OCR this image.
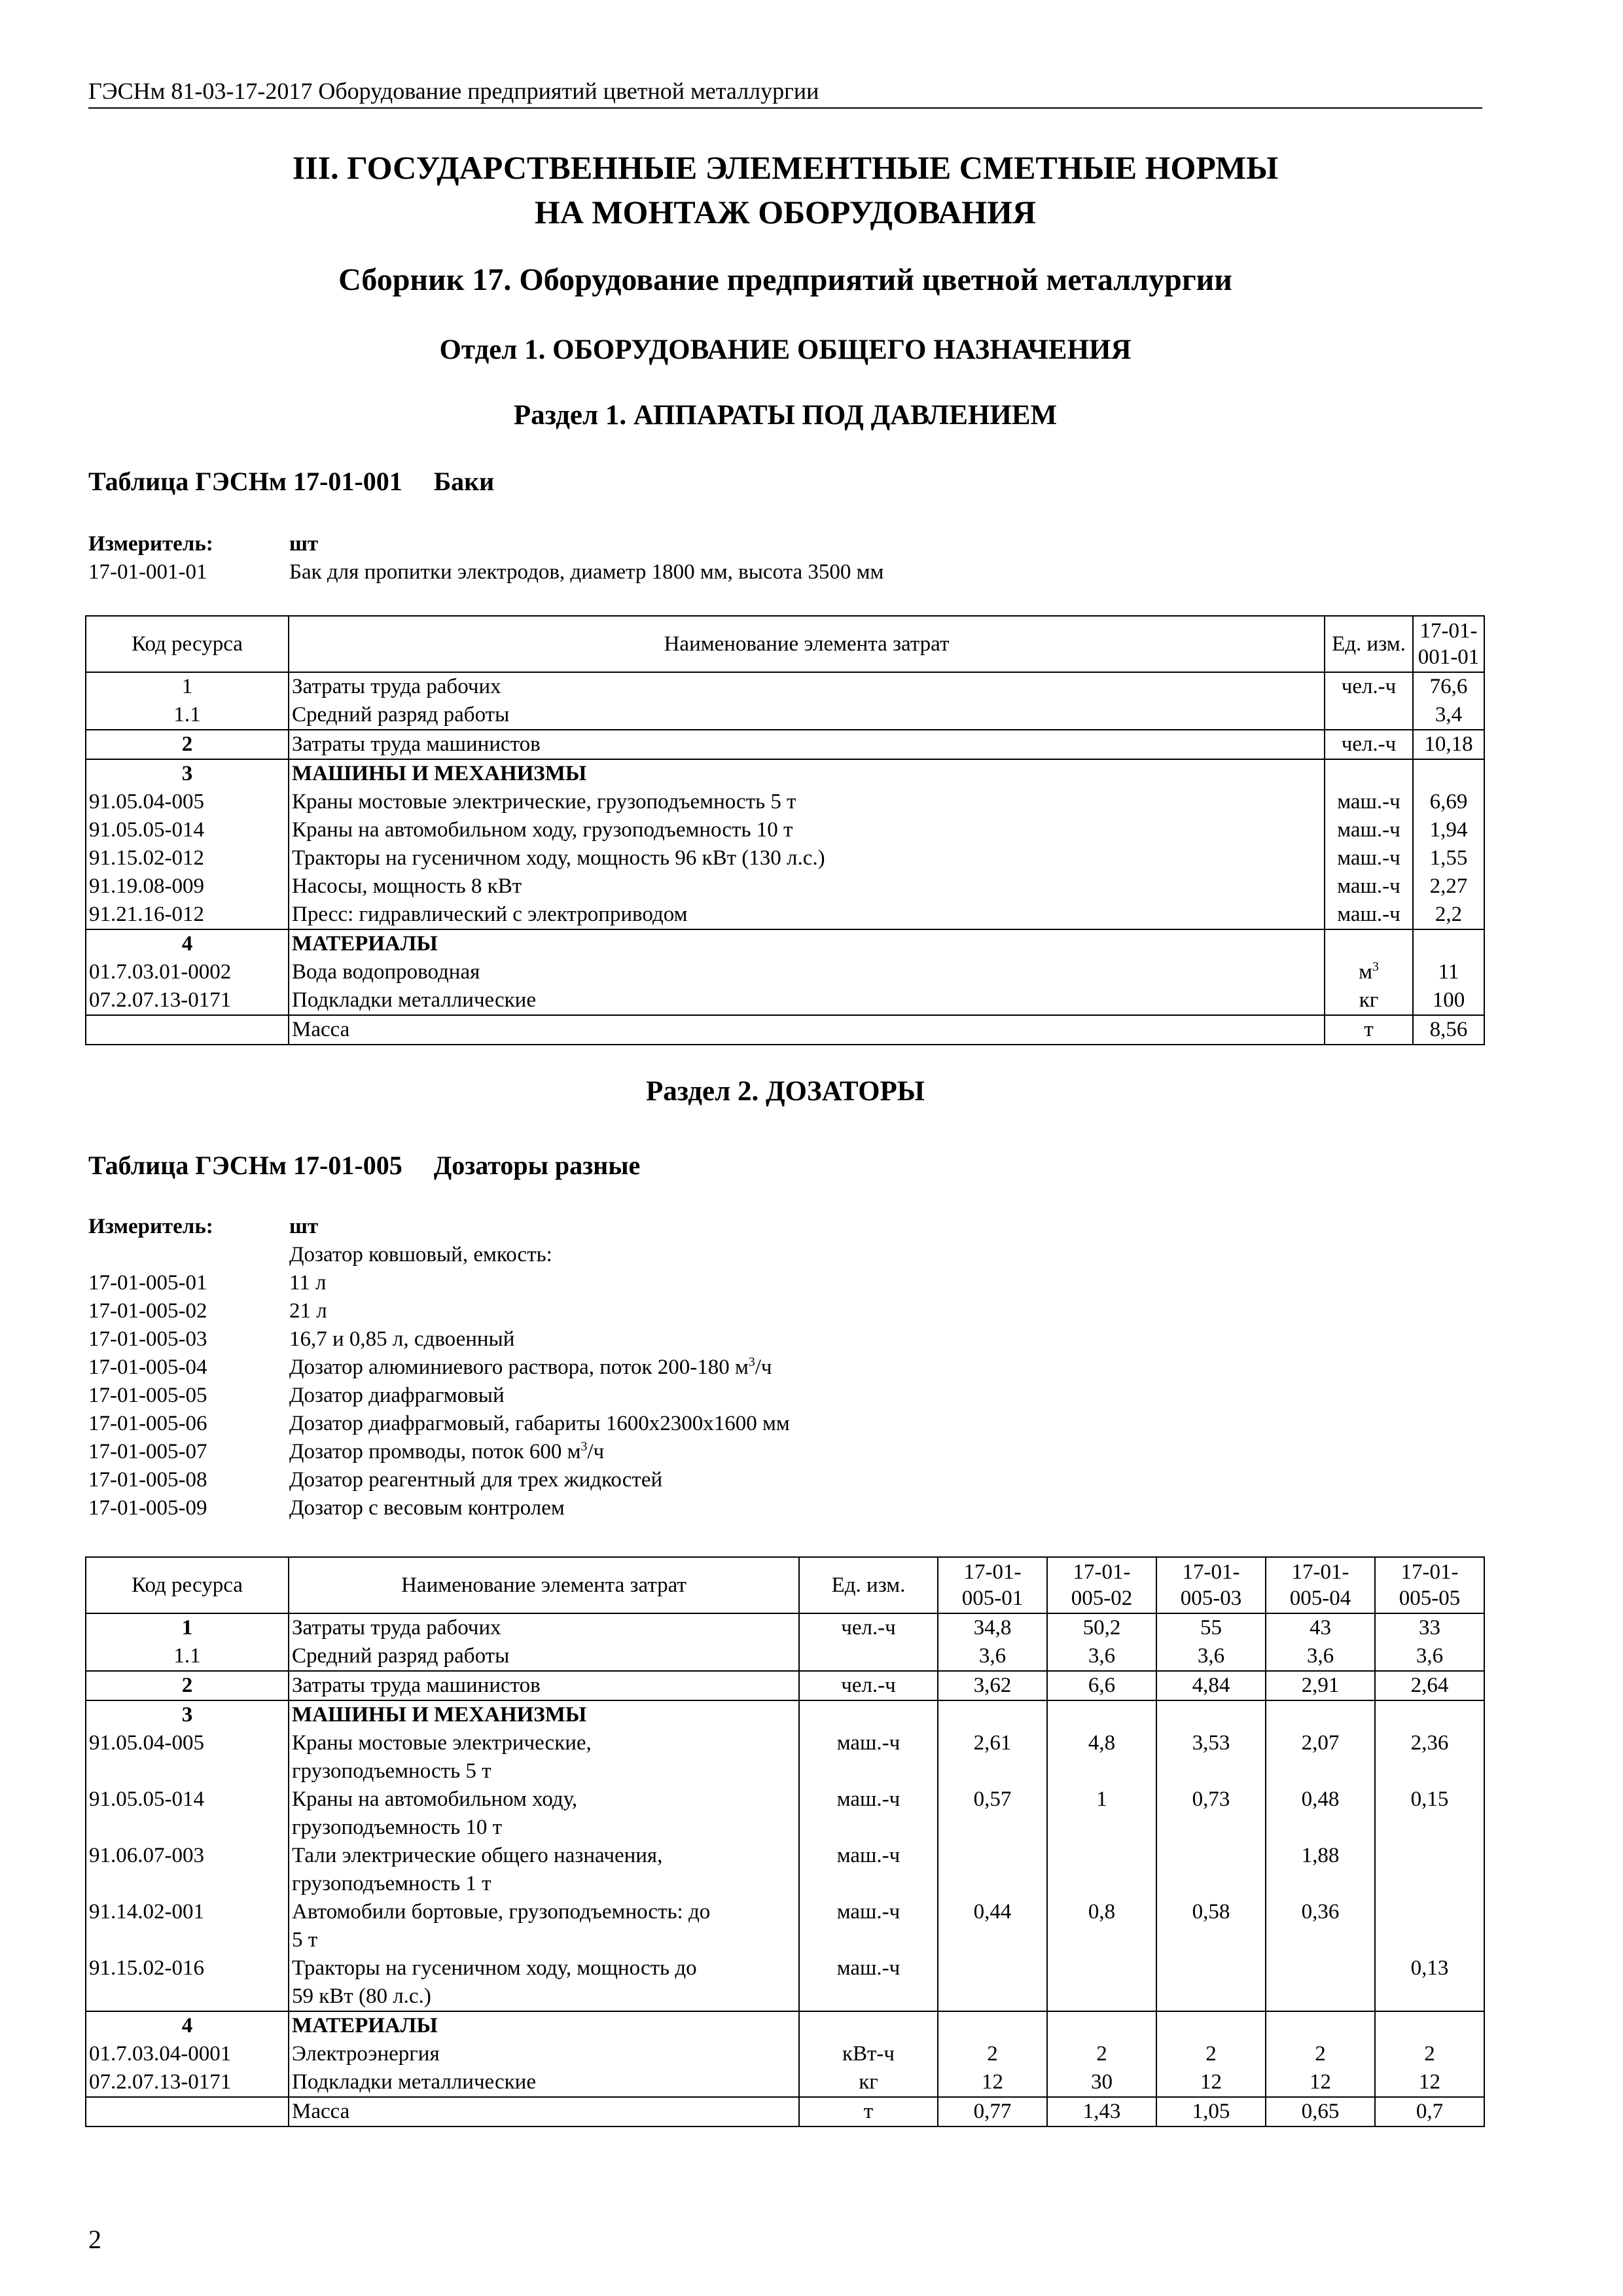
ГЭСНм 81-03-17-2017 Оборудование предприятий цветной металлургии
III. ГОСУДАРСТВЕННЫЕ ЭЛЕМЕНТНЫЕ СМЕТНЫЕ НОРМЫ
НА МОНТАЖ ОБОРУДОВАНИЯ
Сборник 17. Оборудование предприятий цветной металлургии
Отдел 1. ОБОРУДОВАНИЕ ОБЩЕГО НАЗНАЧЕНИЯ
Раздел 1. АППАРАТЫ ПОД ДАВЛЕНИЕМ
Таблица ГЭСНм 17-01-001 Баки
Измеритель:	шт
17-01-001-01	Бак для пропитки электродов, диаметр 1800 мм, высота 3500 мм
Код ресурса	Наименование элемента затрат	Ед. изм.	17-01-
001-01
1	Затраты труда рабочих	чел.-ч	76,6
1.1	Средний разряд работы		3,4
2	Затраты труда машинистов	чел.-ч	10,18
3	МАШИНЫ И МЕХАНИЗМЫ		
91.05.04-005	Краны мостовые электрические, грузоподъемность 5 т	маш.-ч	6,69
91.05.05-014	Краны на автомобильном ходу, грузоподъемность 10 т	маш.-ч	1,94
91.15.02-012	Тракторы на гусеничном ходу, мощность 96 кВт (130 л.с.)	маш.-ч	1,55
91.19.08-009	Насосы, мощность 8 кВт	маш.-ч	2,27
91.21.16-012	Пресс: гидравлический с электроприводом	маш.-ч	2,2
4	МАТЕРИАЛЫ		
01.7.03.01-0002	Вода водопроводная	$м^3$	11
07.2.07.13-0171	Подкладки металлические	кг	100
	Масса	т	8,56
Раздел 2. ДОЗАТОРЫ
Таблица ГЭСНм 17-01-005 Дозаторы разные
Измеритель:	шт
Дозатор ковшовый, емкость:
17-01-005-01	11 л
17-01-005-02	21 л
17-01-005-03	16,7 и 0,85 л, сдвоенный
17-01-005-04	Дозатор алюминиевого раствора, поток 200-180 $м^3/ч$
17-01-005-05	Дозатор диафрагмовый
17-01-005-06	Дозатор диафрагмовый, габариты 1600x2300x1600 мм
17-01-005-07	Дозатор промводы, поток 600 $м^3/ч$
17-01-005-08	Дозатор реагентный для трех жидкостей
17-01-005-09	Дозатор с весовым контролем
Код ресурса	Наименование элемента затрат	Ед. изм.	17-01-
005-01	17-01-
005-02	17-01-
005-03	17-01-
005-04	17-01-
005-05
1	Затраты труда рабочих	чел.-ч	34,8	50,2	55	43	33
1.1	Средний разряд работы		3,6	3,6	3,6	3,6	3,6
2	Затраты труда машинистов	чел.-ч	3,62	6,6	4,84	2,91	2,64
3	МАШИНЫ И МЕХАНИЗМЫ						
91.05.04-005	Краны мостовые электрические,
грузоподъемность 5 т	маш.-ч	2,61	4,8	3,53	2,07	2,36
91.05.05-014	Краны на автомобильном ходу,
грузоподъемность 10 т	маш.-ч	0,57	1	0,73	0,48	0,15
91.06.07-003	Тали электрические общего назначения,
грузоподъемность 1 т	маш.-ч				1,88	
91.14.02-001	Автомобили бортовые, грузоподъемность: до
5 т	маш.-ч	0,44	0,8	0,58	0,36	
91.15.02-016	Тракторы на гусеничном ходу, мощность до
59 кВт (80 л.с.)	маш.-ч					0,13
4	МАТЕРИАЛЫ						
01.7.03.04-0001	Электроэнергия	кВт-ч	2	2	2	2	2
07.2.07.13-0171	Подкладки металлические	кг	12	30	12	12	12
	Масса	т	0,77	1,43	1,05	0,65	0,7
2
